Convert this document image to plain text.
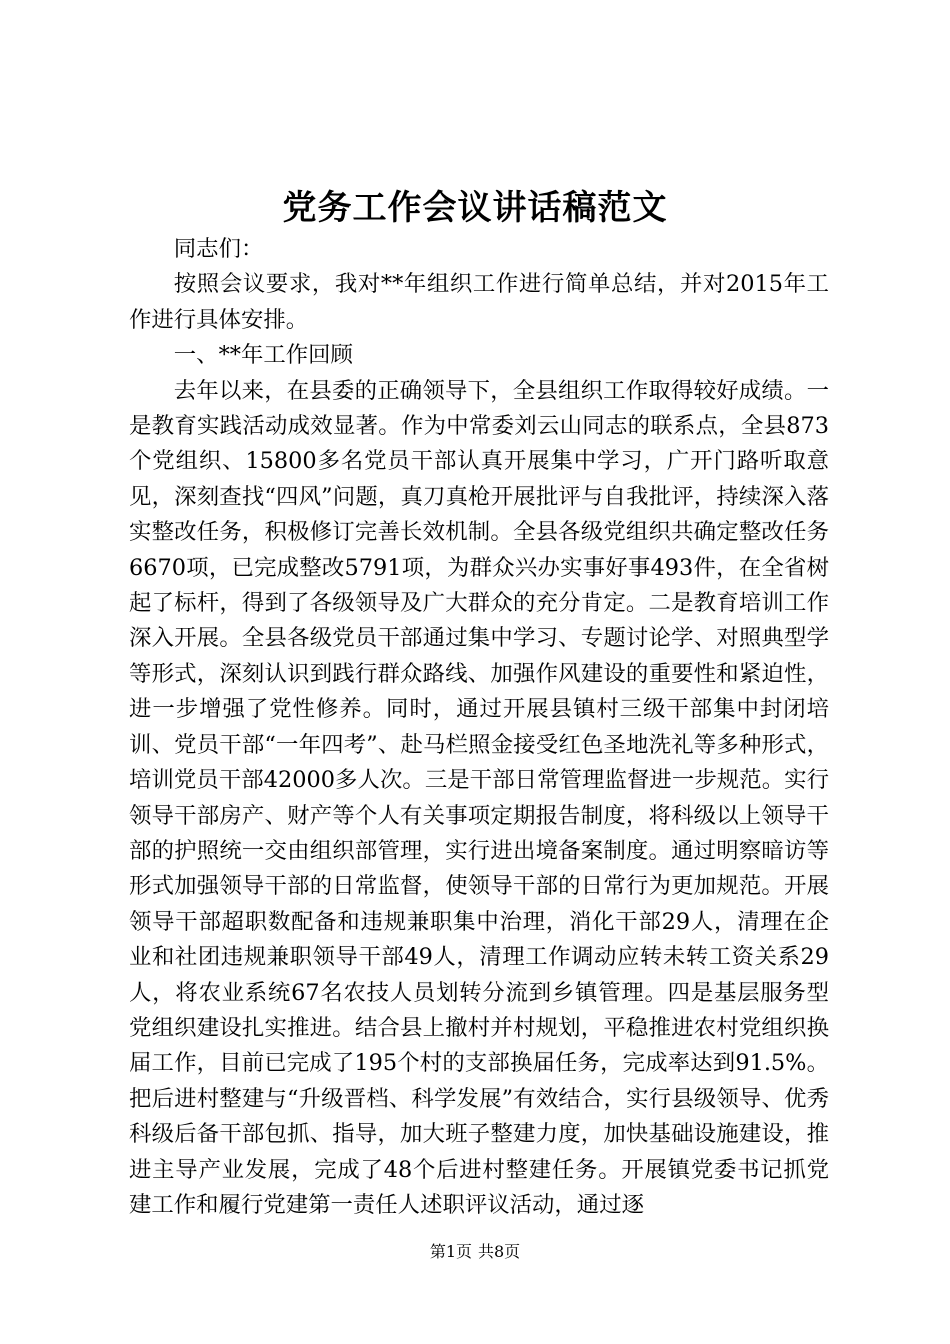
党务工作会议讲话稿范文

同志们：

按照会议要求，我对**年组织工作进行简单总结，并对2015年工作进行具体安排。

一、**年工作回顾

去年以来，在县委的正确领导下，全县组织工作取得较好成绩。一是教育实践活动成效显著。作为中常委刘云山同志的联系点，全县873个党组织、15800多名党员干部认真开展集中学习，广开门路听取意见，深刻查找“四风”问题，真刀真枪开展批评与自我批评，持续深入落实整改任务，积极修订完善长效机制。全县各级党组织共确定整改任务6670项，已完成整改5791项，为群众兴办实事好事493件，在全省树起了标杆，得到了各级领导及广大群众的充分肯定。二是教育培训工作深入开展。全县各级党员干部通过集中学习、专题讨论学、对照典型学等形式，深刻认识到践行群众路线、加强作风建设的重要性和紧迫性，进一步增强了党性修养。同时，通过开展县镇村三级干部集中封闭培训、党员干部“一年四考”、赴马栏照金接受红色圣地洗礼等多种形式，培训党员干部42000多人次。三是干部日常管理监督进一步规范。实行领导干部房产、财产等个人有关事项定期报告制度，将科级以上领导干部的护照统一交由组织部管理，实行进出境备案制度。通过明察暗访等形式加强领导干部的日常监督，使领导干部的日常行为更加规范。开展领导干部超职数配备和违规兼职集中治理，消化干部29人，清理在企业和社团违规兼职领导干部49人，清理工作调动应转未转工资关系29人，将农业系统67名农技人员划转分流到乡镇管理。四是基层服务型党组织建设扎实推进。结合县上撤村并村规划，平稳推进农村党组织换届工作，目前已完成了195个村的支部换届任务，完成率达到91.5%。把后进村整建与“升级晋档、科学发展”有效结合，实行县级领导、优秀科级后备干部包抓、指导，加大班子整建力度，加快基础设施建设，推进主导产业发展，完成了48个后进村整建任务。开展镇党委书记抓党建工作和履行党建第一责任人述职评议活动，通过逐

第1页 共8页
